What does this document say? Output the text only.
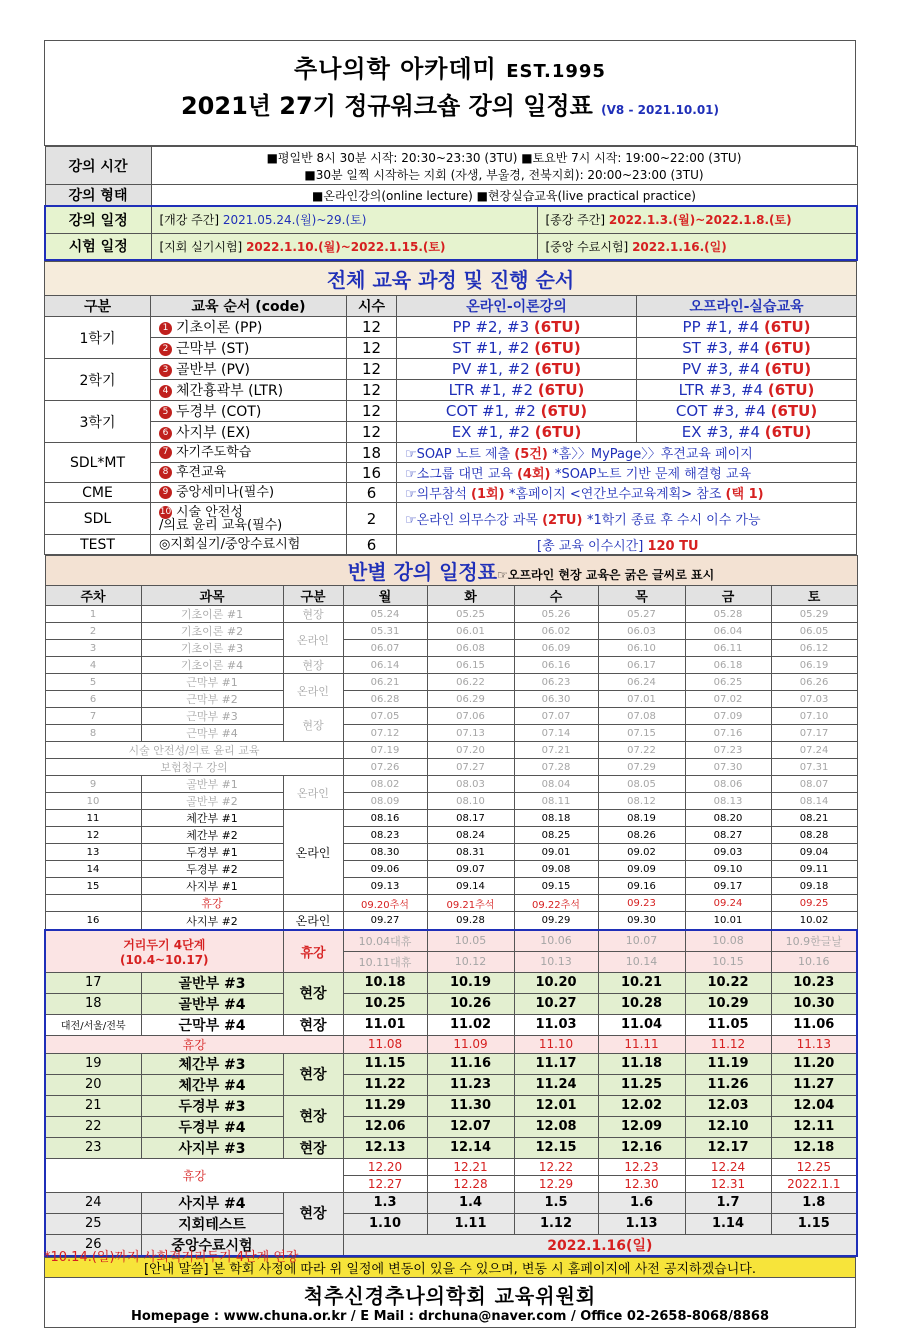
추나의학 아카데미 EST.1995
2021년 27기 정규워크숍 강의 일정표 (V8 - 2021.10.01)
강의 시간	■평일반 8시 30분 시작: 20:30~23:30 (3TU) ■토요반 7시 시작: 19:00~22:00 (3TU)
■30분 일찍 시작하는 지회 (자생, 부울경, 전북지회): 20:00~23:00 (3TU)	

강의 형태	■온라인강의(online lecture) ■현장실습교육(live practical practice)	
강의 일정	[개강 주간] 2021.05.24.(월)~29.(토)	[종강 주간] 2022.1.3.(월)~2022.1.8.(토)
시험 일정	[지회 실기시험] 2022.1.10.(월)~2022.1.15.(토)	[중앙 수료시험] 2022.1.16.(일)
전체 교육 과정 및 진행 순서				
구분	교육 순서 (code)	시수	온라인-이론강의	오프라인-실습교육
1학기	1 기초이론 (PP)	12	PP #2, #3 (6TU)	PP #1, #4 (6TU)
	2 근막부 (ST)	12	ST #1, #2 (6TU)	ST #3, #4 (6TU)
2학기	3 골반부 (PV)	12	PV #1, #2 (6TU)	PV #3, #4 (6TU)
	4 체간흉곽부 (LTR)	12	LTR #1, #2 (6TU)	LTR #3, #4 (6TU)
3학기	5 두경부 (COT)	12	COT #1, #2 (6TU)	COT #3, #4 (6TU)
	6 사지부 (EX)	12	EX #1, #2 (6TU)	EX #3, #4 (6TU)
SDL*MT	7 자기주도학습	18	☞SOAP 노트 제출 (5건) *홈〉〉MyPage〉〉후견교육 페이지	
	8 후견교육	16	☞소그룹 대면 교육 (4회) *SOAP노트 기반 문제 해결형 교육	
CME	9 중앙세미나(필수)	6	☞의무참석 (1회) *홈페이지 <연간보수교육계획> 참조 (택 1)	
SDL	10 시술 안전성
/의료 윤리 교육(필수)	2	☞온라인 의무수강 과목 (2TU) *1학기 종료 후 수시 이수 가능	
TEST	◎지회실기/중앙수료시험	6	[총 교육 이수시간] 120 TU	
반별 강의 일정표☞오프라인 현장 교육은 굵은 글씨로 표시								
주차	과목	구분	월	화	수	목	금	토
1	기초이론 #1	현장	05.24	05.25	05.26	05.27	05.28	05.29
2	기초이론 #2	온라인	05.31	06.01	06.02	06.03	06.04	06.05
3	기초이론 #3		06.07	06.08	06.09	06.10	06.11	06.12
4	기초이론 #4	현장	06.14	06.15	06.16	06.17	06.18	06.19
5	근막부 #1	온라인	06.21	06.22	06.23	06.24	06.25	06.26
6	근막부 #2		06.28	06.29	06.30	07.01	07.02	07.03
7	근막부 #3	현장	07.05	07.06	07.07	07.08	07.09	07.10
8	근막부 #4		07.12	07.13	07.14	07.15	07.16	07.17
시술 안전성/의료 윤리 교육			07.19	07.20	07.21	07.22	07.23	07.24
보험청구 강의			07.26	07.27	07.28	07.29	07.30	07.31
9	골반부 #1	온라인	08.02	08.03	08.04	08.05	08.06	08.07
10	골반부 #2		08.09	08.10	08.11	08.12	08.13	08.14
11	체간부 #1	온라인	08.16	08.17	08.18	08.19	08.20	08.21
12	체간부 #2		08.23	08.24	08.25	08.26	08.27	08.28
13	두경부 #1		08.30	08.31	09.01	09.02	09.03	09.04
14	두경부 #2		09.06	09.07	09.08	09.09	09.10	09.11
15	사지부 #1		09.13	09.14	09.15	09.16	09.17	09.18
	휴강		09.20추석	09.21추석	09.22추석	09.23	09.24	09.25
16	사지부 #2	온라인	09.27	09.28	09.29	09.30	10.01	10.02

거리두기 4단계
(10.4~10.17)		휴강	10.04대휴	10.05	10.06	10.07	10.08	10.9한글날
			10.11대휴	10.12	10.13	10.14	10.15	10.16
17	골반부 #3	현장	10.18	10.19	10.20	10.21	10.22	10.23
18	골반부 #4		10.25	10.26	10.27	10.28	10.29	10.30
대전/서울/전북	근막부 #4	현장	11.01	11.02	11.03	11.04	11.05	11.06
휴강			11.08	11.09	11.10	11.11	11.12	11.13
19	체간부 #3	현장	11.15	11.16	11.17	11.18	11.19	11.20
20	체간부 #4		11.22	11.23	11.24	11.25	11.26	11.27
21	두경부 #3	현장	11.29	11.30	12.01	12.02	12.03	12.04
22	두경부 #4		12.06	12.07	12.08	12.09	12.10	12.11
23	사지부 #3	현장	12.13	12.14	12.15	12.16	12.17	12.18
휴강			12.20	12.21	12.22	12.23	12.24	12.25
			12.27	12.28	12.29	12.30	12.31	2022.1.1
24	사지부 #4	현장	1.3	1.4	1.5	1.6	1.7	1.8
25	지회테스트		1.10	1.11	1.12	1.13	1.14	1.15
26	중앙수료시험		2022.1.16(일)					
[안내 말씀] 본 학회 사정에 따라 위 일정에 변동이 있을 수 있으며, 변동 시 홈페이지에 사전 공지하겠습니다.

척추신경추나의학회 교육위원회
Homepage : www.chuna.or.kr / E Mail : drchuna@naver.com / Office 02-2658-8068/8868
*10.14.(일)까지 사회적거리두기 4단계 연장
